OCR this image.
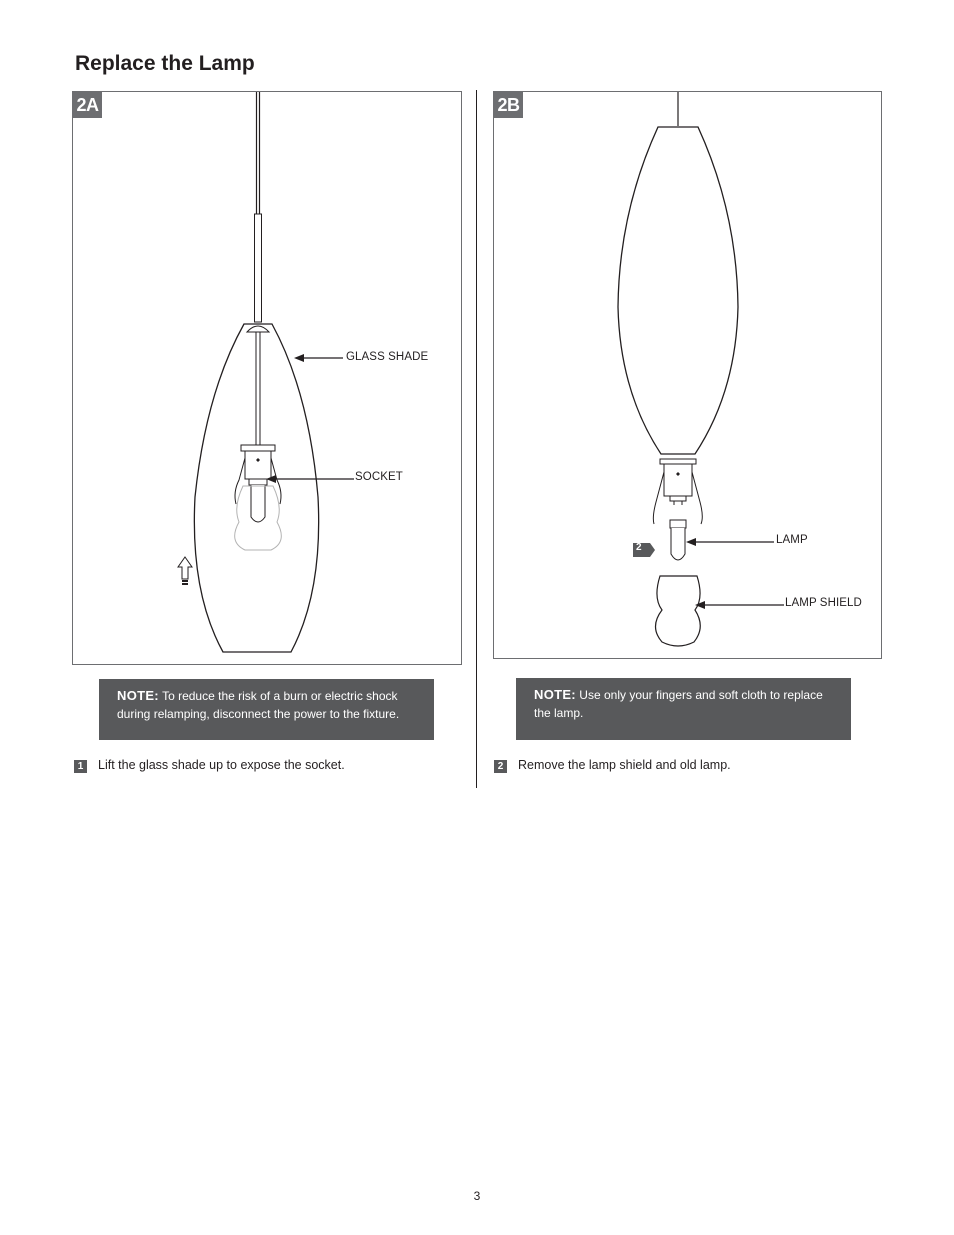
Replace the Lamp
2A
GLASS SHADE
SOCKET
2B
2
LAMP
LAMP SHIELD
NOTE: To reduce the risk of a burn or electric shock during relamping, disconnect the power to the fixture.
NOTE: Use only your fingers and soft cloth to replace the lamp.
1 Lift the glass shade up to expose the socket.	2 Remove the lamp shield and old lamp.
3
